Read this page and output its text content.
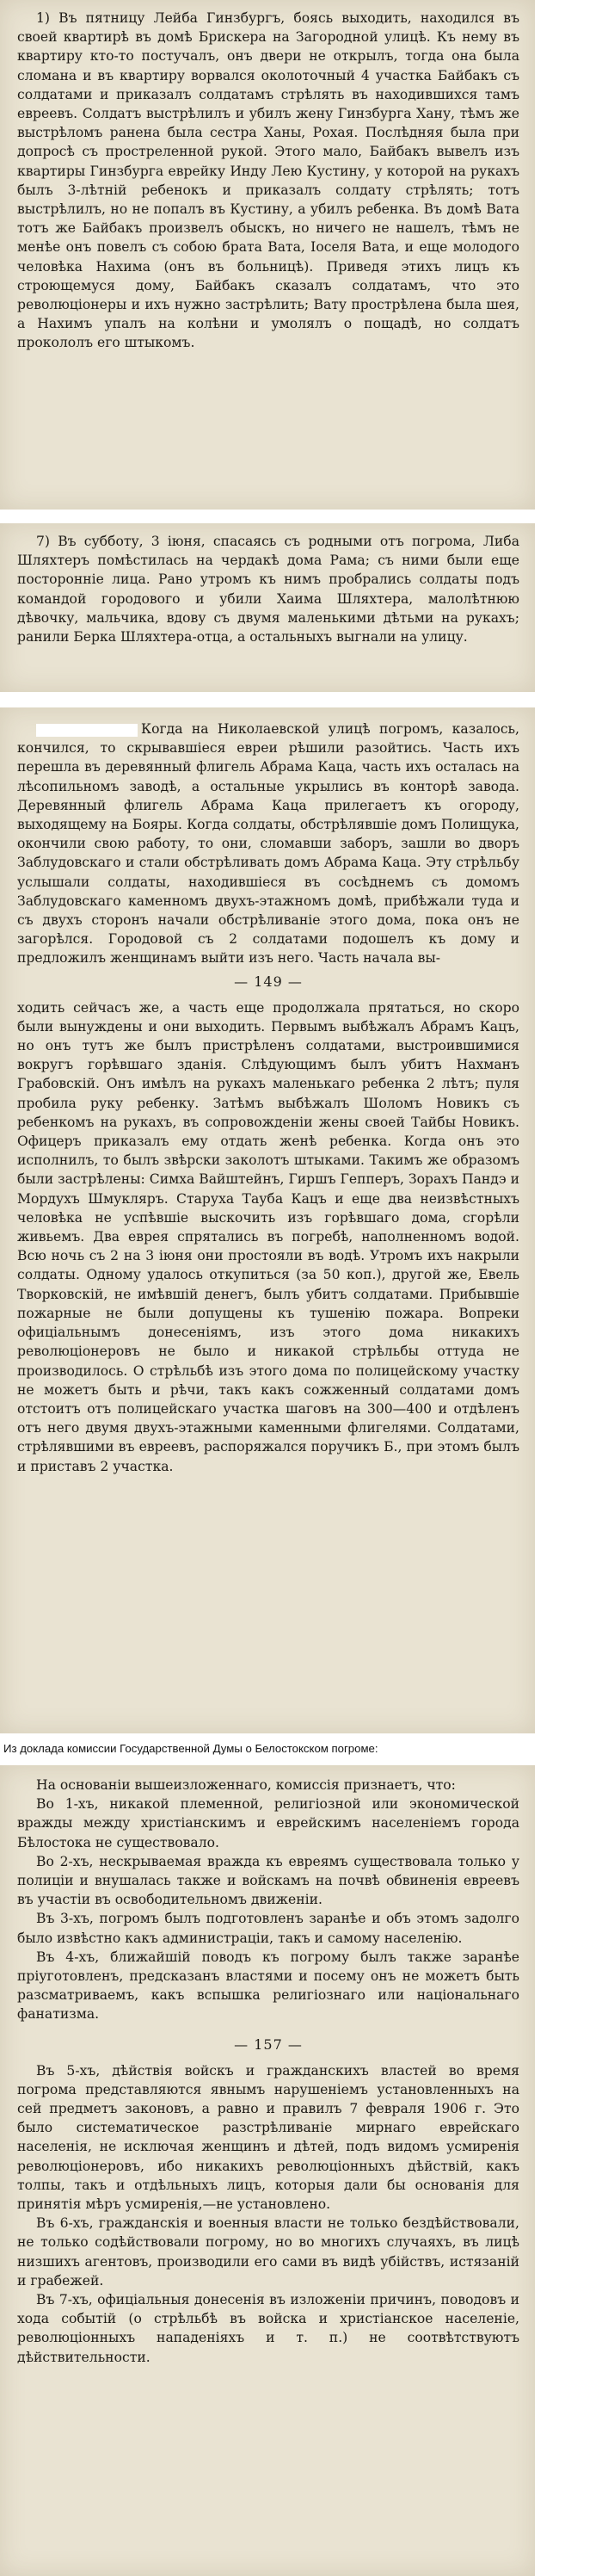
1) Въ пятницу Лейба Гинзбургъ, боясь выходить, находился въ своей квартирѣ въ домѣ Брискера на Загородной улицѣ. Къ нему въ квартиру кто-то постучалъ, онъ двери не открылъ, тогда она была сломана и въ квартиру ворвался околоточный 4 участка Байбакъ съ солдатами и приказалъ солдатамъ стрѣлять въ находившихся тамъ евреевъ. Солдатъ выстрѣлилъ и убилъ жену Гинзбурга Хану, тѣмъ же выстрѣломъ ранена была сестра Ханы, Рохая. Послѣдняя была при допросѣ съ простреленной рукой. Этого мало, Байбакъ вывелъ изъ квартиры Гинзбурга еврейку Инду Лею Кустину, у которой на рукахъ былъ 3-лѣтній ребенокъ и приказалъ солдату стрѣлять; тотъ выстрѣлилъ, но не попалъ въ Кустину, а убилъ ребенка. Въ домѣ Вата тотъ же Байбакъ произвелъ обыскъ, но ничего не нашелъ, тѣмъ не менѣе онъ повелъ съ собою брата Вата, Іоселя Вата, и еще молодого человѣка Нахима (онъ въ больницѣ). Приведя этихъ лицъ къ строющемуся дому, Байбакъ сказалъ солдатамъ, что это революціонеры и ихъ нужно застрѣлить; Вату прострѣлена была шея, а Нахимъ упалъ на колѣни и умолялъ о пощадѣ, но солдатъ прокололъ его штыкомъ.

7) Въ субботу, 3 іюня, спасаясь съ родными отъ погрома, Либа Шляхтеръ помѣстилась на чердакѣ дома Рама; съ ними были еще посторонніе лица. Рано утромъ къ нимъ пробрались солдаты подъ командой городового и убили Хаима Шляхтера, малолѣтнюю дѣвочку, мальчика, вдову съ двумя маленькими дѣтьми на рукахъ; ранили Берка Шляхтера-отца, а остальныхъ выгнали на улицу.

Когда на Николаевской улицѣ погромъ, казалось, кончился, то скрывавшіеся евреи рѣшили разойтись. Часть ихъ перешла въ деревянный флигель Абрама Каца, часть ихъ осталась на лѣсопильномъ заводѣ, а остальные укрылись въ конторѣ завода. Деревянный флигель Абрама Каца прилегаетъ къ огороду, выходящему на Бояры. Когда солдаты, обстрѣлявшіе домъ Полищука, окончили свою работу, то они, сломавши заборъ, зашли во дворъ Заблудовскаго и стали обстрѣливать домъ Абрама Каца. Эту стрѣльбу услышали солдаты, находившіеся въ сосѣднемъ съ домомъ Заблудовскаго каменномъ двухъ-этажномъ домѣ, прибѣжали туда и съ двухъ сторонъ начали обстрѣливаніе этого дома, пока онъ не загорѣлся. Городовой съ 2 солдатами подошелъ къ дому и предложилъ женщинамъ выйти изъ него. Часть начала вы-

— 149 —

ходить сейчасъ же, а часть еще продолжала прятаться, но скоро были вынуждены и они выходить. Первымъ выбѣжалъ Абрамъ Кацъ, но онъ тутъ же былъ пристрѣленъ солдатами, выстроившимися вокругъ горѣвшаго зданія. Слѣдующимъ былъ убитъ Нахманъ Грабовскій. Онъ имѣлъ на рукахъ маленькаго ребенка 2 лѣтъ; пуля пробила руку ребенку. Затѣмъ выбѣжалъ Шоломъ Новикъ съ ребенкомъ на рукахъ, въ сопровожденіи жены своей Тайбы Новикъ. Офицеръ приказалъ ему отдать женѣ ребенка. Когда онъ это исполнилъ, то былъ звѣрски заколотъ штыками. Такимъ же образомъ были застрѣлены: Симха Вайштейнъ, Гиршъ Гепперъ, Зорахъ Пандэ и Мордухъ Шмукляръ. Старуха Тауба Кацъ и еще два неизвѣстныхъ человѣка не успѣвшіе выскочить изъ горѣвшаго дома, сгорѣли живьемъ. Два еврея спрятались въ погребѣ, наполненномъ водой. Всю ночь съ 2 на 3 іюня они простояли въ водѣ. Утромъ ихъ накрыли солдаты. Одному удалось откупиться (за 50 коп.), другой же, Евель Творковскій, не имѣвшій денегъ, былъ убитъ солдатами. Прибывшіе пожарные не были допущены къ тушенію пожара. Вопреки офиціальнымъ донесеніямъ, изъ этого дома никакихъ революціонеровъ не было и никакой стрѣльбы оттуда не производилось. О стрѣльбѣ изъ этого дома по полицейскому участку не можетъ быть и рѣчи, такъ какъ сожженный солдатами домъ отстоитъ отъ полицейскаго участка шаговъ на 300—400 и отдѣленъ отъ него двумя двухъ-этажными каменными флигелями. Солдатами, стрѣлявшими въ евреевъ, распоряжался поручикъ Б., при этомъ былъ и приставъ 2 участка.

Из доклада комиссии Государственной Думы о Белостокском погроме:

На основаніи вышеизложеннаго, комиссія признаетъ, что:

Во 1-хъ, никакой племенной, религіозной или экономической вражды между христіанскимъ и еврейскимъ населеніемъ города Бѣлостока не существовало.

Во 2-хъ, нескрываемая вражда къ евреямъ существовала только у полиціи и внушалась также и войскамъ на почвѣ обвиненія евреевъ въ участіи въ освободительномъ движеніи.

Въ 3-хъ, погромъ былъ подготовленъ заранѣе и объ этомъ задолго было извѣстно какъ администраціи, такъ и самому населенію.

Въ 4-хъ, ближайшій поводъ къ погрому былъ также заранѣе пріуготовленъ, предсказанъ властями и посему онъ не можетъ быть разсматриваемъ, какъ вспышка религіознаго или національнаго фанатизма.

— 157 —

Въ 5-хъ, дѣйствія войскъ и гражданскихъ властей во время погрома представляются явнымъ нарушеніемъ установленныхъ на сей предметъ законовъ, а равно и правилъ 7 февраля 1906 г. Это было систематическое разстрѣливаніе мирнаго еврейскаго населенія, не исключая женщинъ и дѣтей, подъ видомъ усмиренія революціонеровъ, ибо никакихъ революціонныхъ дѣйствій, какъ толпы, такъ и отдѣльныхъ лицъ, которыя дали бы основанія для принятія мѣръ усмиренія,—не установлено.

Въ 6-хъ, гражданскія и военныя власти не только бездѣйствовали, не только содѣйствовали погрому, но во многихъ случаяхъ, въ лицѣ низшихъ агентовъ, производили его сами въ видѣ убійствъ, истязаній и грабежей.

Въ 7-хъ, офиціальныя донесенія въ изложеніи причинъ, поводовъ и хода событій (о стрѣльбѣ въ войска и христіанское населеніе, революціонныхъ нападеніяхъ и т. п.) не соотвѣтствуютъ дѣйствительности.
